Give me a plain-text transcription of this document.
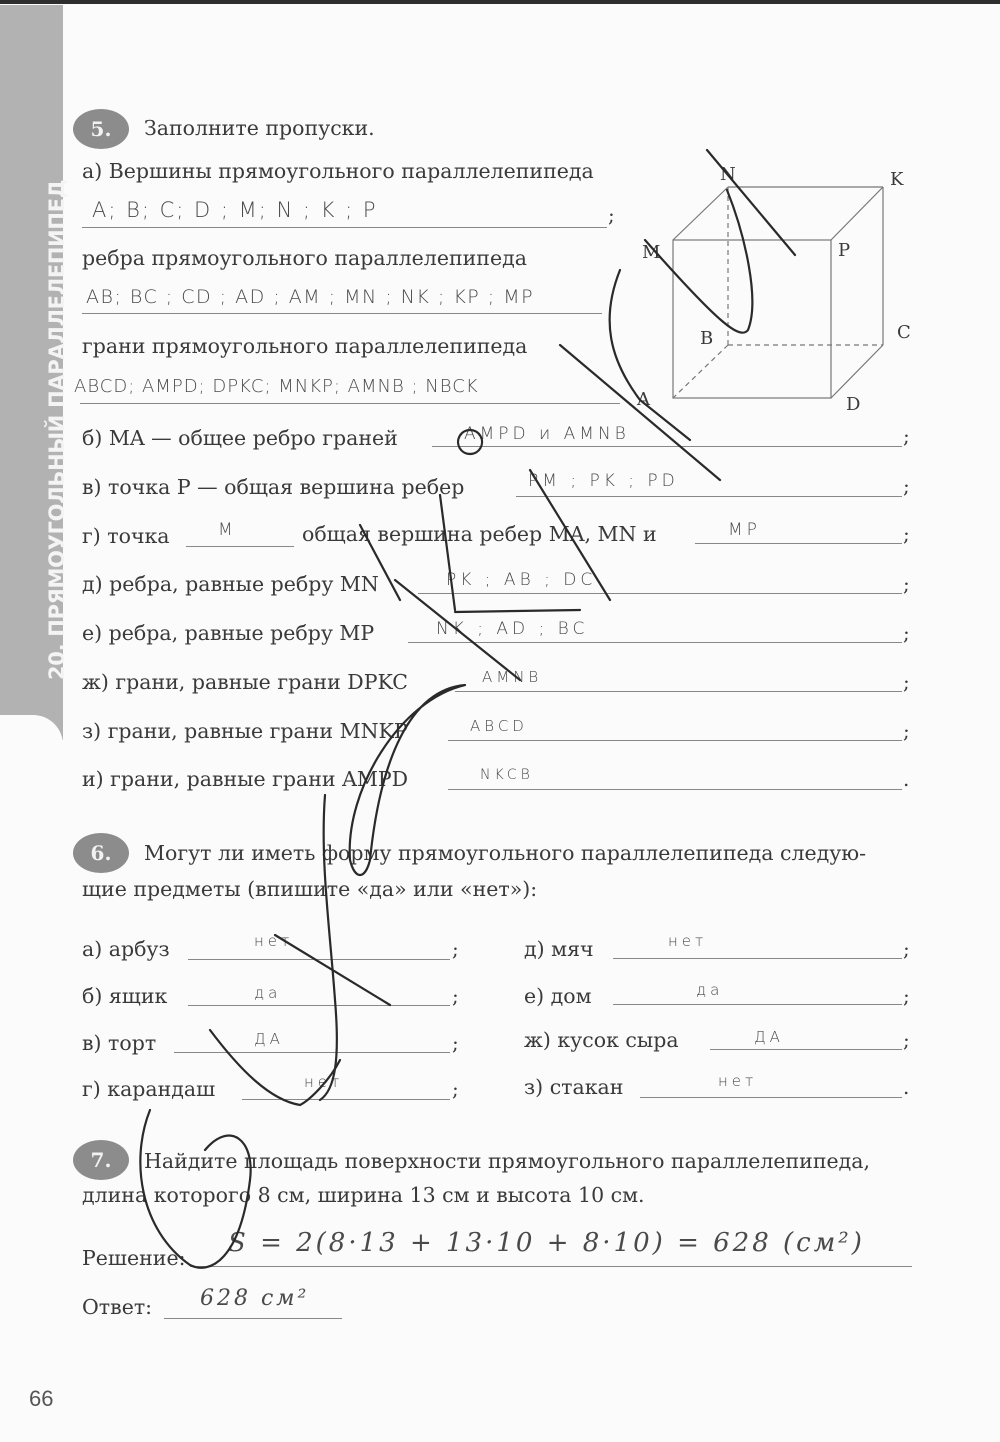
20. ПРЯМОУГОЛЬНЫЙ ПАРАЛЛЕЛЕПИПЕД
5.	Заполните пропуски.
а) Вершины прямоугольного параллелепипеда
A; B; C; D ; M; N ; K ; P	;
ребра прямоугольного параллелепипеда
AB; BC ; CD ; AD ; AM ; MN ; NK ; KP ; MP
грани прямоугольного параллелепипеда
ABCD; AMPD; DPKC; MNKP; AMNB ; NBCK
N	K
M	P
B	C
A	D
б) MA — общее ребро граней	AMPD и AMNB	;
в) точка P — общая вершина ребер	PM ; PK ; PD	;
г) точка	M	общая вершина ребер MA, MN и	MP	;
д) ребра, равные ребру MN	PK ; AB ; DC	;
е) ребра, равные ребру MP	NK ; AD ; BC	;
ж) грани, равные грани DPKC	AMNB	;
з) грани, равные грани MNKP	ABCD	;
и) грани, равные грани AMPD	NKCB	.
6.	Могут ли иметь форму прямоугольного параллелепипеда следую-
щие предметы (впишите «да» или «нет»):
а) арбуз	нет	;
б) ящик	да	;
в) торт	ДА	;
г) карандаш	нет	;
д) мяч	нет	;
е) дом	да	;
ж) кусок сыра	ДА	;
з) стакан	нет	.
7.	Найдите площадь поверхности прямоугольного параллелепипеда,
длина которого 8 см, ширина 13 см и высота 10 см.
Решение: S = 2(8·13 + 13·10 + 8·10) = 628 (см²)
Ответ: 628 см²
66
